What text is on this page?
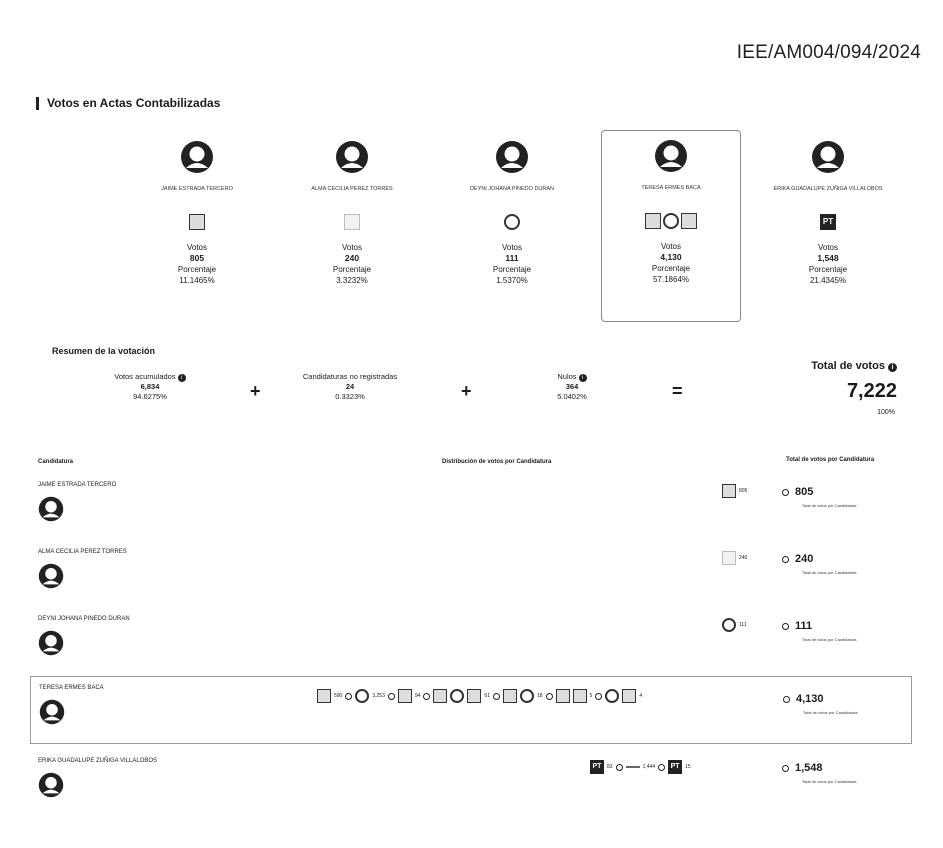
IEE/AM004/094/2024
Votos en Actas Contabilizadas
JAIME ESTRADA TERCERO
Votos
805
Porcentaje
11.1465%
ALMA CECILIA PEREZ TORRES
Votos
240
Porcentaje
3.3232%
DEYNI JOHANA PINEDO DURAN
Votos
111
Porcentaje
1.5370%
TERESA ERMES BACA
Votos
4,130
Porcentaje
57.1864%
ERIKA GUADALUPE ZUÑIGA VILLALOBOS
PT
Votos
1,548
Porcentaje
21.4345%
Resumen de la votación
Votos acumulados i
6,834
94.6275%	+
Candidaturas no registradas
24
0.3323%	+
Nulos i
364
5.0402%	=
Total de votos i
7,222
100%
Candidatura	Distribución de votos por Candidatura	Total de votos por Candidatura
JAIME ESTRADA TERCERO
805	805
Total de votos por Candidatura
ALMA CECILIA PEREZ TORRES
240	240
Total de votos por Candidatura
DEYNI JOHANA PINEDO DURAN
111	111
Total de votos por Candidatura
TERESA ERMES BACA
590	3,253	94	61	18	5	4	4,130
Total de votos por Candidatura
ERIKA GUADALUPE ZUÑIGA VILLALOBOS
PT	83	1,444	PT	15	1,548
Total de votos por Candidatura
